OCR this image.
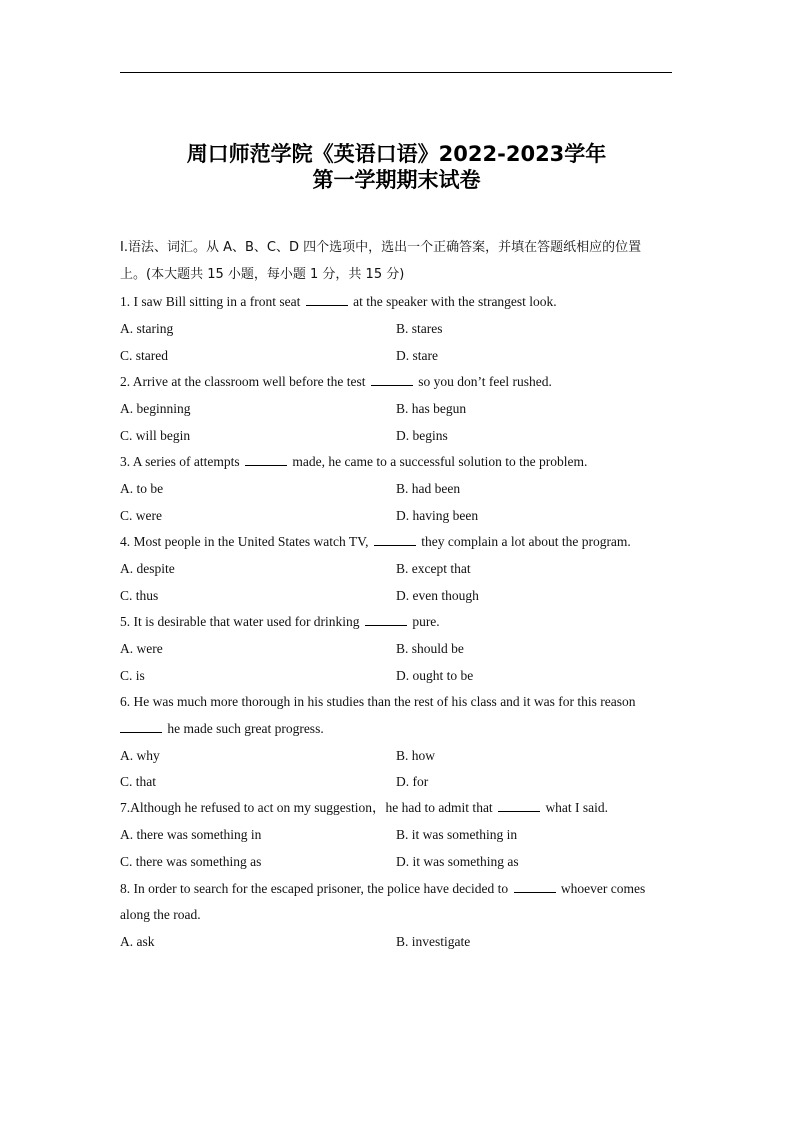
周口师范学院《英语口语》2022-2023学年
第一学期期末试卷
I.语法、词汇。从 A、B、C、D 四个选项中，选出一个正确答案，并填在答题纸相应的位置
上。(本大题共 15 小题，每小题 1 分，共 15 分)
1. I saw Bill sitting in a front seat	at the speaker with the strangest look.
A. staring	B. stares
C. stared	D. stare
2. Arrive at the classroom well before the test	so you don’t feel rushed.
A. beginning	B. has begun
C. will begin	D. begins
3. A series of attempts	made, he came to a successful solution to the problem.
A. to be	B. had been
C. were	D. having been
4. Most people in the United States watch TV,	they complain a lot about the program.
A. despite	B. except that
C. thus	D. even though
5. It is desirable that water used for drinking	pure.
A. were	B. should be
C. is	D. ought to be
6. He was much more thorough in his studies than the rest of his class and it was for this reason
he made such great progress.
A. why	B. how
C. that	D. for
7.Although he refused to act on my suggestion，he had to admit that	what I said.
A. there was something in	B. it was something in
C. there was something as	D. it was something as
8. In order to search for the escaped prisoner, the police have decided to	whoever comes
along the road.
A. ask	B. investigate
